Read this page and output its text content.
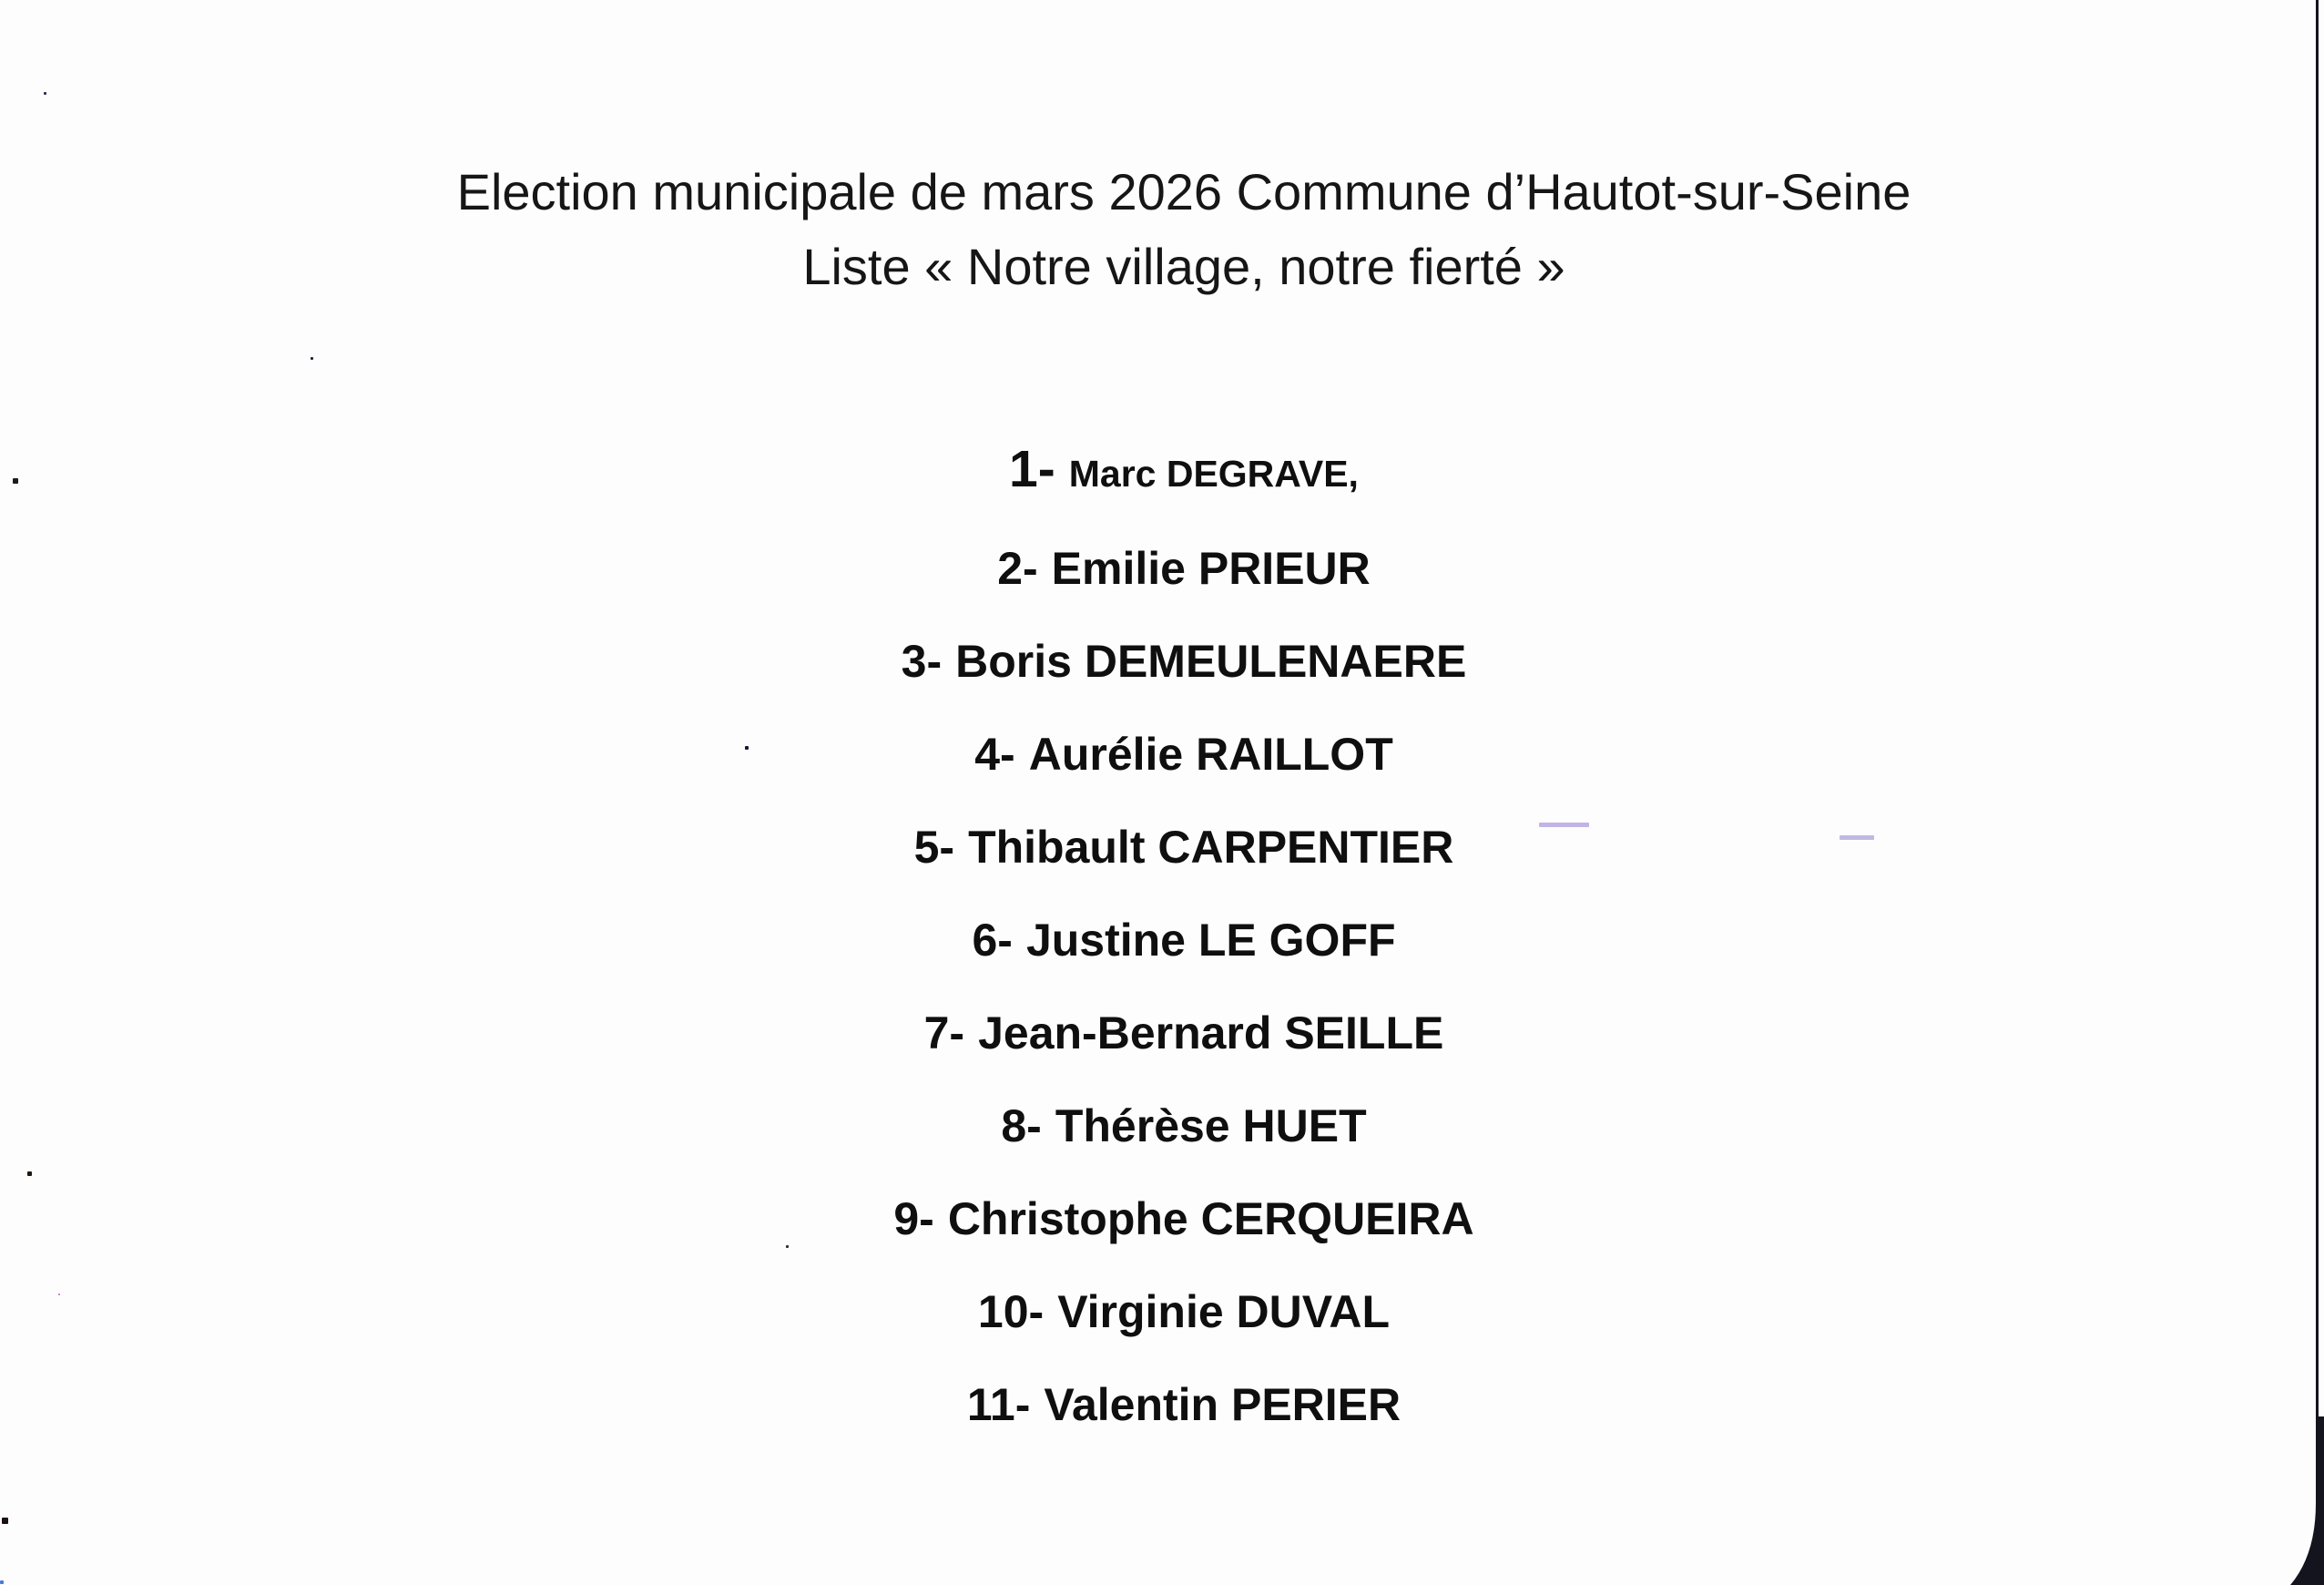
Election municipale de mars 2026 Commune d’Hautot-sur-Seine
Liste « Notre village, notre fierté »
1- Marc DEGRAVE,
2- Emilie PRIEUR
3- Boris DEMEULENAERE
4- Aurélie RAILLOT
5- Thibault CARPENTIER
6- Justine LE GOFF
7- Jean-Bernard SEILLE
8- Thérèse HUET
9- Christophe CERQUEIRA
10- Virginie DUVAL
11- Valentin PERIER
